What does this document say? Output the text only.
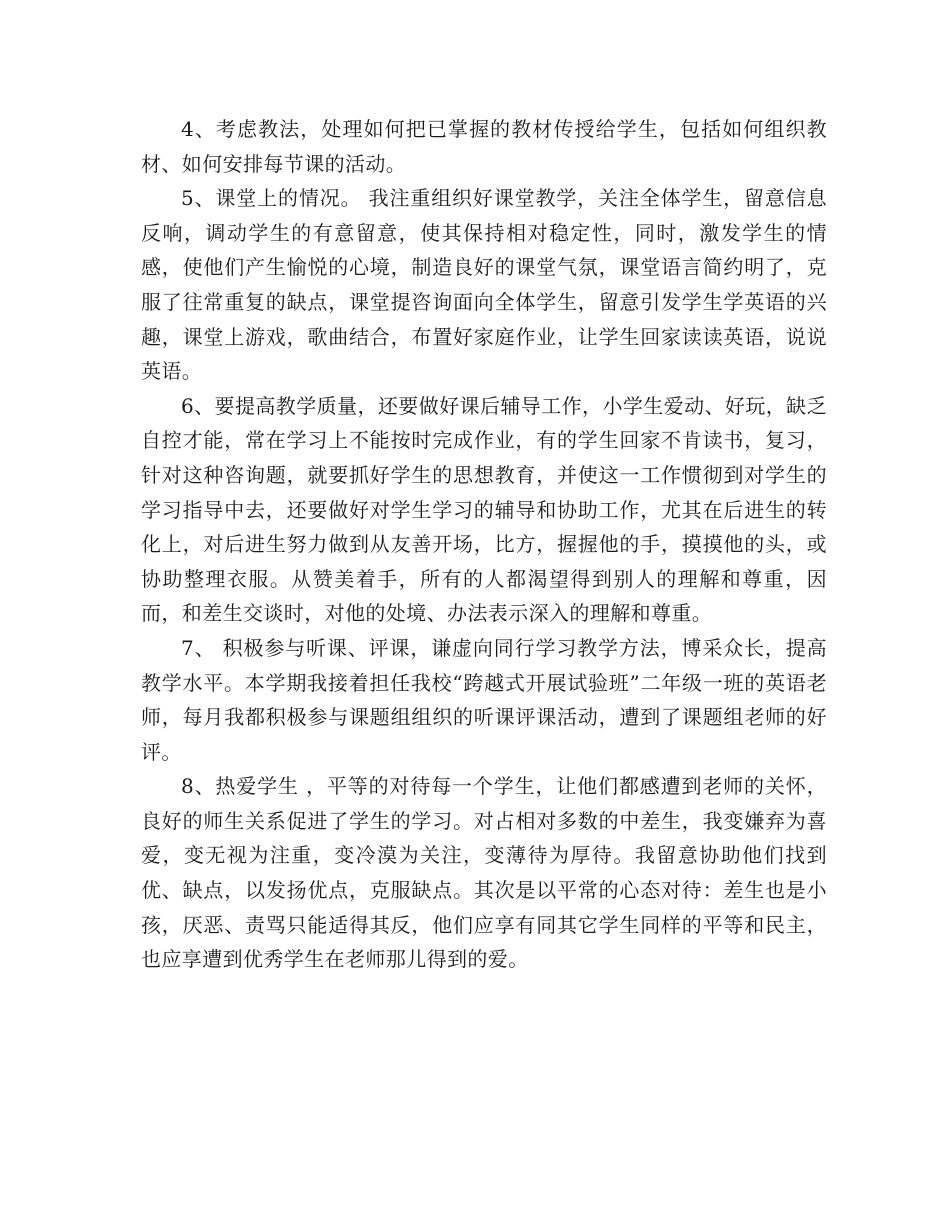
4、考虑教法，处理如何把已掌握的教材传授给学生，包括如何组织教材、如何安排每节课的活动。

5、课堂上的情况。 我注重组织好课堂教学，关注全体学生，留意信息反响，调动学生的有意留意，使其保持相对稳定性，同时，激发学生的情感，使他们产生愉悦的心境，制造良好的课堂气氛，课堂语言简约明了，克服了往常重复的缺点，课堂提咨询面向全体学生，留意引发学生学英语的兴趣，课堂上游戏，歌曲结合，布置好家庭作业，让学生回家读读英语，说说英语。

6、要提高教学质量，还要做好课后辅导工作，小学生爱动、好玩，缺乏自控才能，常在学习上不能按时完成作业，有的学生回家不肯读书，复习，针对这种咨询题，就要抓好学生的思想教育，并使这一工作惯彻到对学生的学习指导中去，还要做好对学生学习的辅导和协助工作，尤其在后进生的转化上，对后进生努力做到从友善开场，比方，握握他的手，摸摸他的头，或协助整理衣服。从赞美着手，所有的人都渴望得到别人的理解和尊重，因而，和差生交谈时，对他的处境、办法表示深入的理解和尊重。

7、 积极参与听课、评课，谦虚向同行学习教学方法，博采众长，提高教学水平。本学期我接着担任我校“跨越式开展试验班”二年级一班的英语老师，每月我都积极参与课题组组织的听课评课活动，遭到了课题组老师的好评。

8、热爱学生 ，平等的对待每一个学生，让他们都感遭到老师的关怀，良好的师生关系促进了学生的学习。对占相对多数的中差生，我变嫌弃为喜爱，变无视为注重，变冷漠为关注，变薄待为厚待。我留意协助他们找到优、缺点，以发扬优点，克服缺点。其次是以平常的心态对待：差生也是小孩，厌恶、责骂只能适得其反，他们应享有同其它学生同样的平等和民主，也应享遭到优秀学生在老师那儿得到的爱。
